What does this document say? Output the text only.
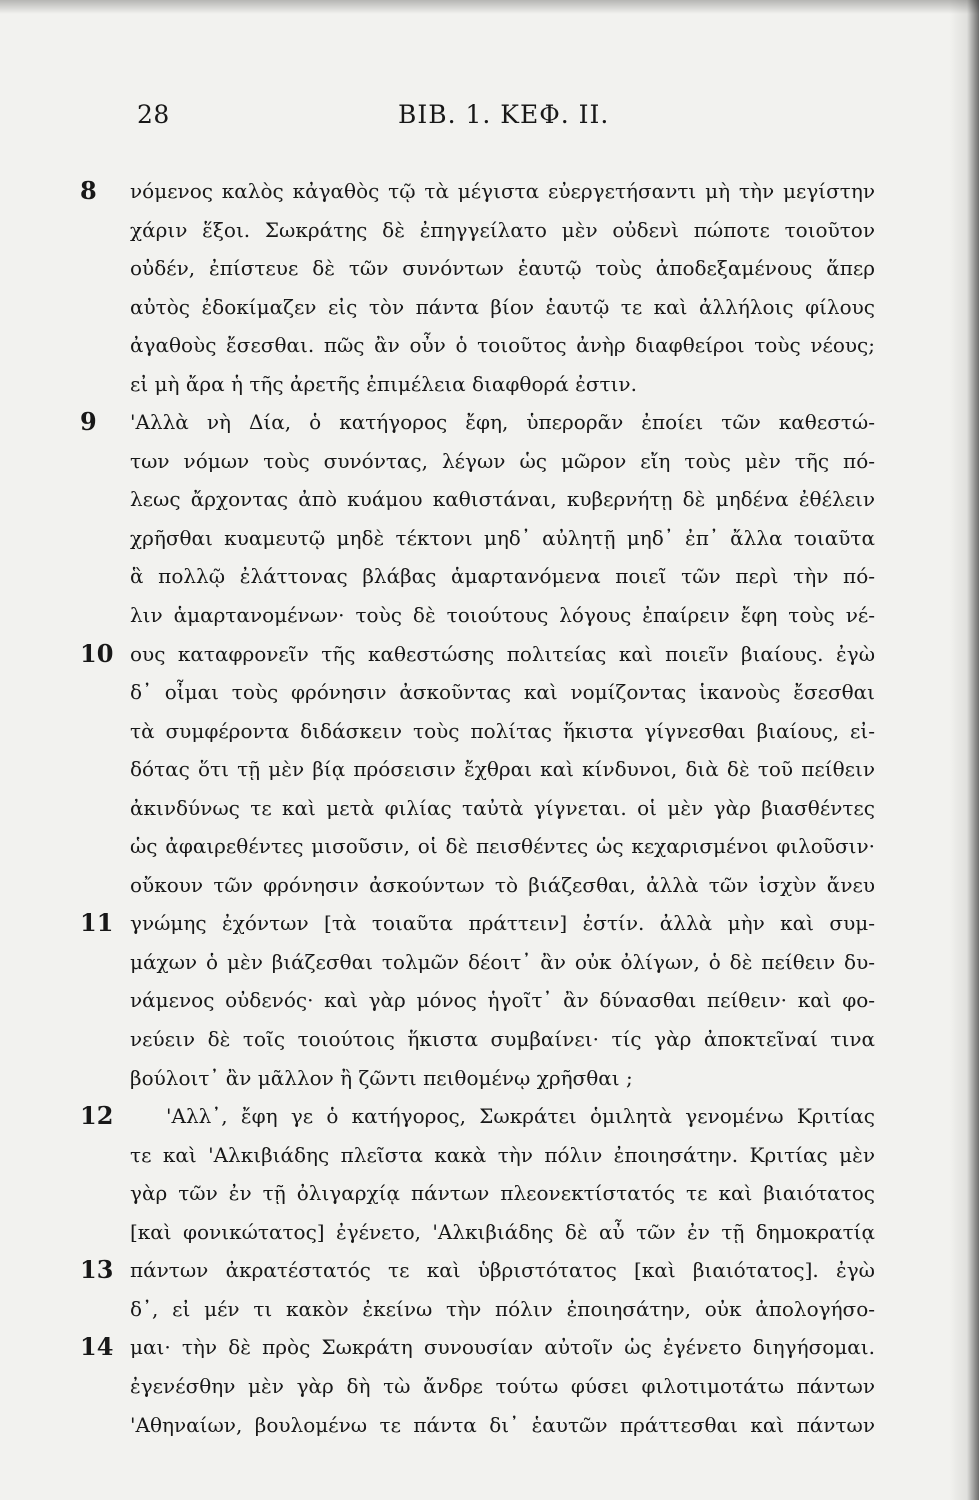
28	ΒΙΒ. 1. ΚΕΦ. ΙΙ.
8	νόμενος καλὸς κἀγαθὸς τῷ τὰ μέγιστα εὐεργετήσαντι μὴ τὴν μεγίστην
χάριν ἕξοι. Σωκράτης δὲ ἐπηγγείλατο μὲν οὐδενὶ πώποτε τοιοῦτον
οὐδέν, ἐπίστευε δὲ τῶν συνόντων ἑαυτῷ τοὺς ἀποδεξαμένους ἅπερ
αὐτὸς ἐδοκίμαζεν εἰς τὸν πάντα βίον ἑαυτῷ τε καὶ ἀλλήλοις φίλους
ἀγαθοὺς ἔσεσθαι. πῶς ἂν οὖν ὁ τοιοῦτος ἀνὴρ διαφθείροι τοὺς νέους;
εἰ μὴ ἄρα ἡ τῆς ἀρετῆς ἐπιμέλεια διαφθορά ἐστιν.
9	'Αλλὰ νὴ Δία, ὁ κατήγορος ἔφη, ὑπερορᾶν ἐποίει τῶν καθεστώ-
των νόμων τοὺς συνόντας, λέγων ὡς μῶρον εἴη τοὺς μὲν τῆς πό-
λεως ἄρχοντας ἀπὸ κυάμου καθιστάναι, κυβερνήτῃ δὲ μηδένα ἐθέλειν
χρῆσθαι κυαμευτῷ μηδὲ τέκτονι μηδ᾽ αὐλητῇ μηδ᾽ ἐπ᾽ ἄλλα τοιαῦτα
ἃ πολλῷ ἐλάττονας βλάβας ἁμαρτανόμενα ποιεῖ τῶν περὶ τὴν πό-
λιν ἁμαρτανομένων· τοὺς δὲ τοιούτους λόγους ἐπαίρειν ἔφη τοὺς νέ-
10 ους καταφρονεῖν τῆς καθεστώσης πολιτείας καὶ ποιεῖν βιαίους. ἐγὼ
δ᾽ οἶμαι τοὺς φρόνησιν ἀσκοῦντας καὶ νομίζοντας ἱκανοὺς ἔσεσθαι
τὰ συμφέροντα διδάσκειν τοὺς πολίτας ἥκιστα γίγνεσθαι βιαίους, εἰ-
δότας ὅτι τῇ μὲν βίᾳ πρόσεισιν ἔχθραι καὶ κίνδυνοι, διὰ δὲ τοῦ πείθειν
ἀκινδύνως τε καὶ μετὰ φιλίας ταὐτὰ γίγνεται. οἱ μὲν γὰρ βιασθέντες
ὡς ἀφαιρεθέντες μισοῦσιν, οἱ δὲ πεισθέντες ὡς κεχαρισμένοι φιλοῦσιν·
οὔκουν τῶν φρόνησιν ἀσκούντων τὸ βιάζεσθαι, ἀλλὰ τῶν ἰσχὺν ἄνευ
11 γνώμης ἐχόντων [τὰ τοιαῦτα πράττειν] ἐστίν. ἀλλὰ μὴν καὶ συμ-
μάχων ὁ μὲν βιάζεσθαι τολμῶν δέοιτ᾽ ἂν οὐκ ὀλίγων, ὁ δὲ πείθειν δυ-
νάμενος οὐδενός· καὶ γὰρ μόνος ἡγοῖτ᾽ ἂν δύνασθαι πείθειν· καὶ φο-
νεύειν δὲ τοῖς τοιούτοις ἥκιστα συμβαίνει· τίς γὰρ ἀποκτεῖναί τινα
βούλοιτ᾽ ἂν μᾶλλον ἢ ζῶντι πειθομένῳ χρῆσθαι ;
12	'Αλλ᾽, ἔφη γε ὁ κατήγορος, Σωκράτει ὁμιλητὰ γενομένω Κριτίας
τε καὶ 'Αλκιβιάδης πλεῖστα κακὰ τὴν πόλιν ἐποιησάτην. Κριτίας μὲν
γὰρ τῶν ἐν τῇ ὀλιγαρχίᾳ πάντων πλεονεκτίστατός τε καὶ βιαιότατος
[καὶ φονικώτατος] ἐγένετο, 'Αλκιβιάδης δὲ αὖ τῶν ἐν τῇ δημοκρατίᾳ
13 πάντων ἀκρατέστατός τε καὶ ὑβριστότατος [καὶ βιαιότατος]. ἐγὼ
δ᾽, εἰ μέν τι κακὸν ἐκείνω τὴν πόλιν ἐποιησάτην, οὐκ ἀπολογήσο-
14 μαι· τὴν δὲ πρὸς Σωκράτη συνουσίαν αὐτοῖν ὡς ἐγένετο διηγήσομαι.
ἐγενέσθην μὲν γὰρ δὴ τὼ ἄνδρε τούτω φύσει φιλοτιμοτάτω πάντων
'Αθηναίων, βουλομένω τε πάντα δι᾽ ἑαυτῶν πράττεσθαι καὶ πάντων
